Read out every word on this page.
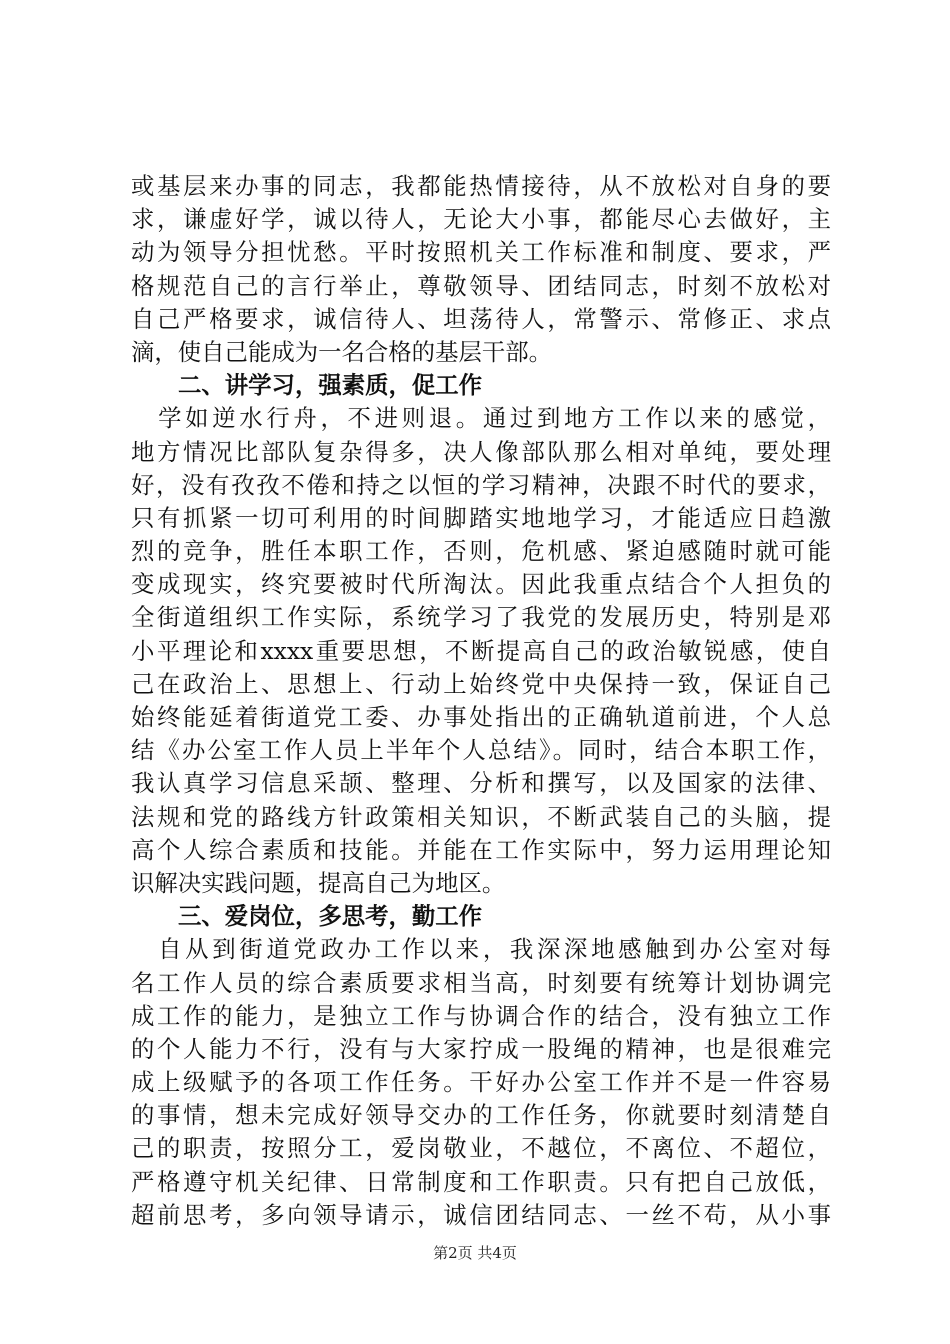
或基层来办事的同志，我都能热情接待，从不放松对自身的要
求，谦虚好学，诚以待人，无论大小事，都能尽心去做好，主
动为领导分担忧愁。平时按照机关工作标准和制度、要求，严
格规范自己的言行举止，尊敬领导、团结同志，时刻不放松对
自己严格要求，诚信待人、坦荡待人，常警示、常修正、求点
滴，使自己能成为一名合格的基层干部。
二、讲学习，强素质，促工作
　学如逆水行舟，不进则退。通过到地方工作以来的感觉，
地方情况比部队复杂得多，决人像部队那么相对单纯，要处理
好，没有孜孜不倦和持之以恒的学习精神，决跟不时代的要求，
只有抓紧一切可利用的时间脚踏实地地学习，才能适应日趋激
烈的竞争，胜任本职工作，否则，危机感、紧迫感随时就可能
变成现实，终究要被时代所淘汰。因此我重点结合个人担负的
全街道组织工作实际，系统学习了我党的发展历史，特别是邓
小平理论和xxxx重要思想，不断提高自己的政治敏锐感，使自
己在政治上、思想上、行动上始终党中央保持一致，保证自己
始终能延着街道党工委、办事处指出的正确轨道前进，个人总
结《办公室工作人员上半年个人总结》。同时，结合本职工作，
我认真学习信息采颉、整理、分析和撰写，以及国家的法律、
法规和党的路线方针政策相关知识，不断武装自己的头脑，提
高个人综合素质和技能。并能在工作实际中，努力运用理论知
识解决实践问题，提高自己为地区。
三、爱岗位，多思考，勤工作
　自从到街道党政办工作以来，我深深地感触到办公室对每
名工作人员的综合素质要求相当高，时刻要有统筹计划协调完
成工作的能力，是独立工作与协调合作的结合，没有独立工作
的个人能力不行，没有与大家拧成一股绳的精神，也是很难完
成上级赋予的各项工作任务。干好办公室工作并不是一件容易
的事情，想未完成好领导交办的工作任务，你就要时刻清楚自
己的职责，按照分工，爱岗敬业，不越位，不离位、不超位，
严格遵守机关纪律、日常制度和工作职责。只有把自己放低，
超前思考，多向领导请示，诚信团结同志、一丝不苟，从小事
第2页 共4页
